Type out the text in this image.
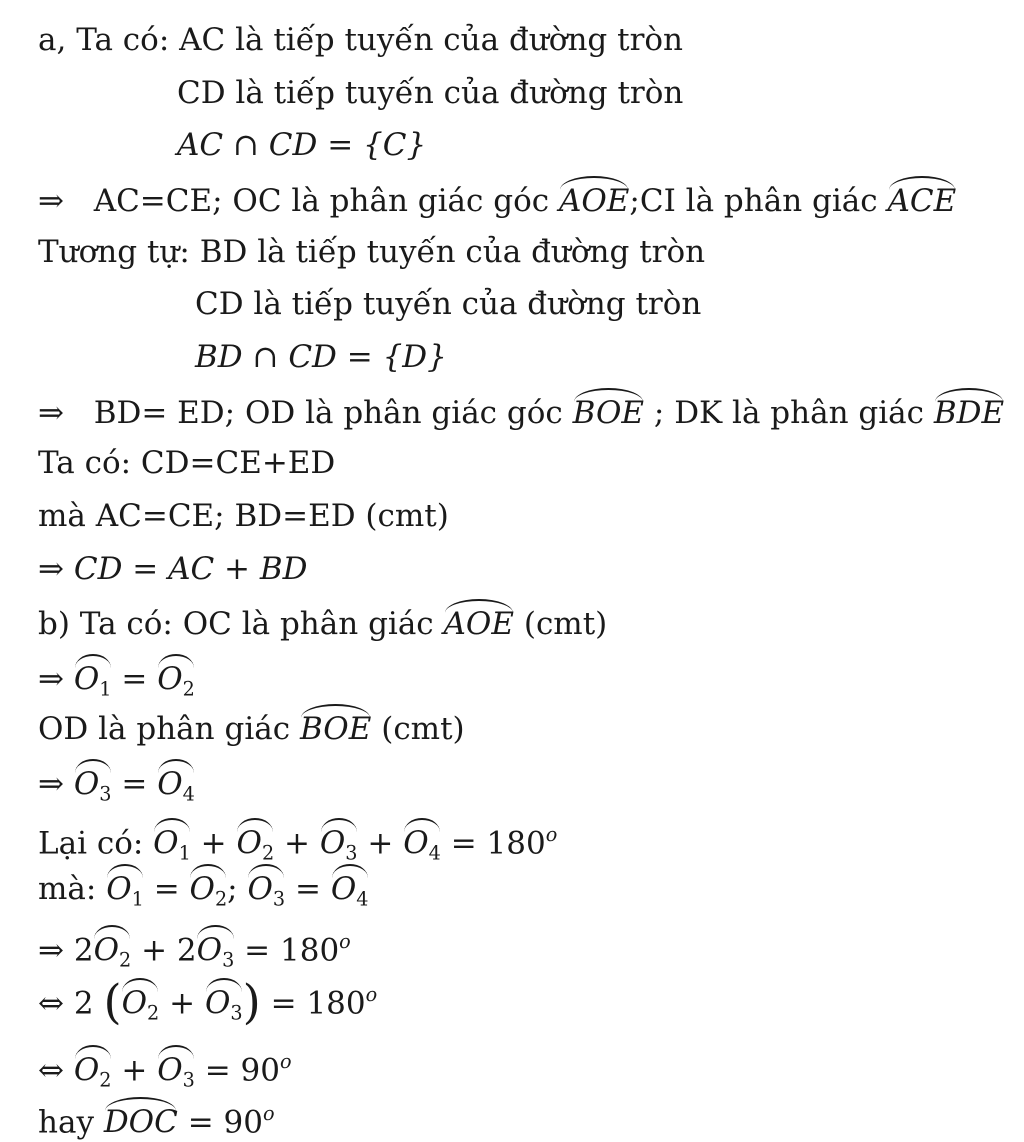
a, Ta có: AC là tiếp tuyến của đường tròn
CD là tiếp tuyến của đường tròn
AC ∩ CD = {C}
⇒ AC=CE; OC là phân giác góc AOE;CI là phân giác ACE
Tương tự: BD là tiếp tuyến của đường tròn
CD là tiếp tuyến của đường tròn
BD ∩ CD = {D}
⇒ BD= ED; OD là phân giác góc BOE ; DK là phân giác BDE
Ta có: CD=CE+ED
mà AC=CE; BD=ED (cmt)
⇒ CD = AC + BD
b) Ta có: OC là phân giác AOE (cmt)
⇒ $O_1 = O_2$
OD là phân giác BOE (cmt)
⇒ $O_3 = O_4$
Lại có: $O_1 + O_2 + O_3 + O_4 = 180^o$
mà: $O_1 = O_2$; $O_3 = O_4$
⇒ $2O_2 + 2O_3 = 180^o$
⇔ 2 $(O_2 + O_3) = 180^o$
⇔ $O_2 + O_3 = 90^o$
hay DOC = $90^o$
